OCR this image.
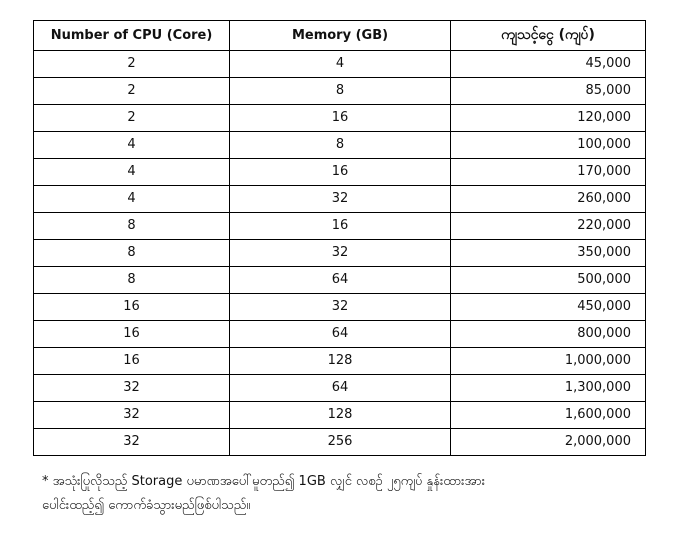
Number of CPU (Core)	Memory (GB)	ကျသင့်ငွေ (ကျပ်)
2	4	45,000
2	8	85,000
2	16	120,000
4	8	100,000
4	16	170,000
4	32	260,000
8	16	220,000
8	32	350,000
8	64	500,000
16	32	450,000
16	64	800,000
16	128	1,000,000
32	64	1,300,000
32	128	1,600,000
32	256	2,000,000

* အသုံးပြုလိုသည့် Storage ပမာဏအပေါ်မူတည်၍ 1GB လျှင် လစဉ် ၂၅ကျပ် နှုန်းထားအား

ပေါင်းထည့်၍ ကောက်ခံသွားမည်ဖြစ်ပါသည်။
